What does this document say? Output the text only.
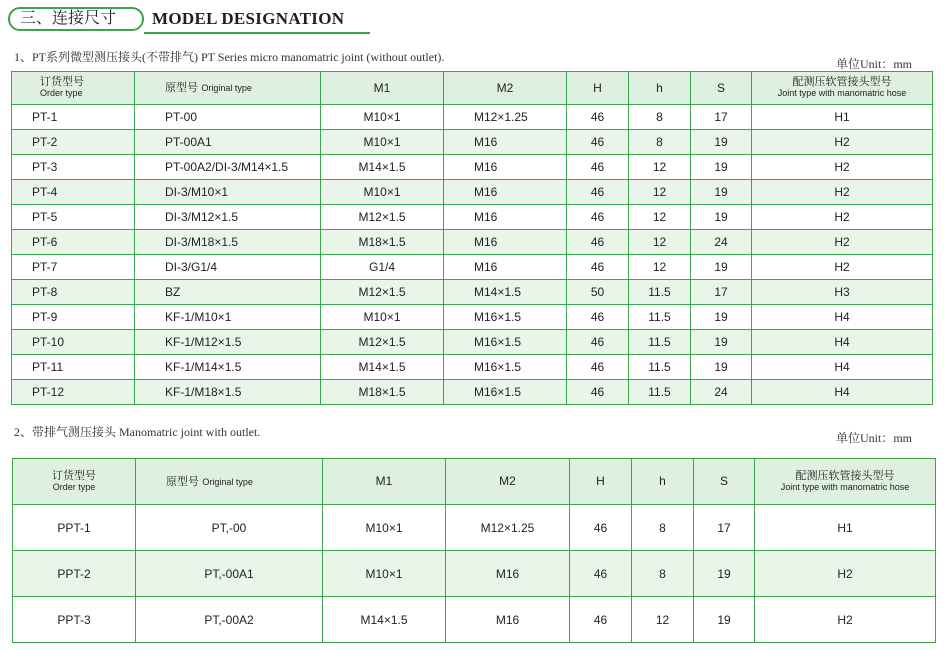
三、连接尺寸	MODEL DESIGNATION
1、PT系列微型测压接头(不带排气) PT Series micro manomatric joint (without outlet).	单位Unit：mm
订货型号
Order type	原型号 Original type	M1	M2	H	h	S	配测压软管接头型号
Joint type with manomatric hose

PT-1	PT-00	M10×1	M12×1.25	46	8	17	H1
PT-2	PT-00A1	M10×1	M16	46	8	19	H2
PT-3	PT-00A2/DI-3/M14×1.5	M14×1.5	M16	46	12	19	H2
PT-4	DI-3/M10×1	M10×1	M16	46	12	19	H2
PT-5	DI-3/M12×1.5	M12×1.5	M16	46	12	19	H2
PT-6	DI-3/M18×1.5	M18×1.5	M16	46	12	24	H2
PT-7	DI-3/G1/4	G1/4	M16	46	12	19	H2
PT-8	BZ	M12×1.5	M14×1.5	50	11.5	17	H3
PT-9	KF-1/M10×1	M10×1	M16×1.5	46	11.5	19	H4
PT-10	KF-1/M12×1.5	M12×1.5	M16×1.5	46	11.5	19	H4
PT-11	KF-1/M14×1.5	M14×1.5	M16×1.5	46	11.5	19	H4
PT-12	KF-1/M18×1.5	M18×1.5	M16×1.5	46	11.5	24	H4
2、带排气测压接头 Manomatric joint with outlet.	单位Unit：mm
订货型号
Order type	原型号 Original type	M1	M2	H	h	S	配测压软管接头型号
Joint type with manomatric hose

PPT-1	PT,-00	M10×1	M12×1.25	46	8	17	H1
PPT-2	PT,-00A1	M10×1	M16	46	8	19	H2
PPT-3	PT,-00A2	M14×1.5	M16	46	12	19	H2
